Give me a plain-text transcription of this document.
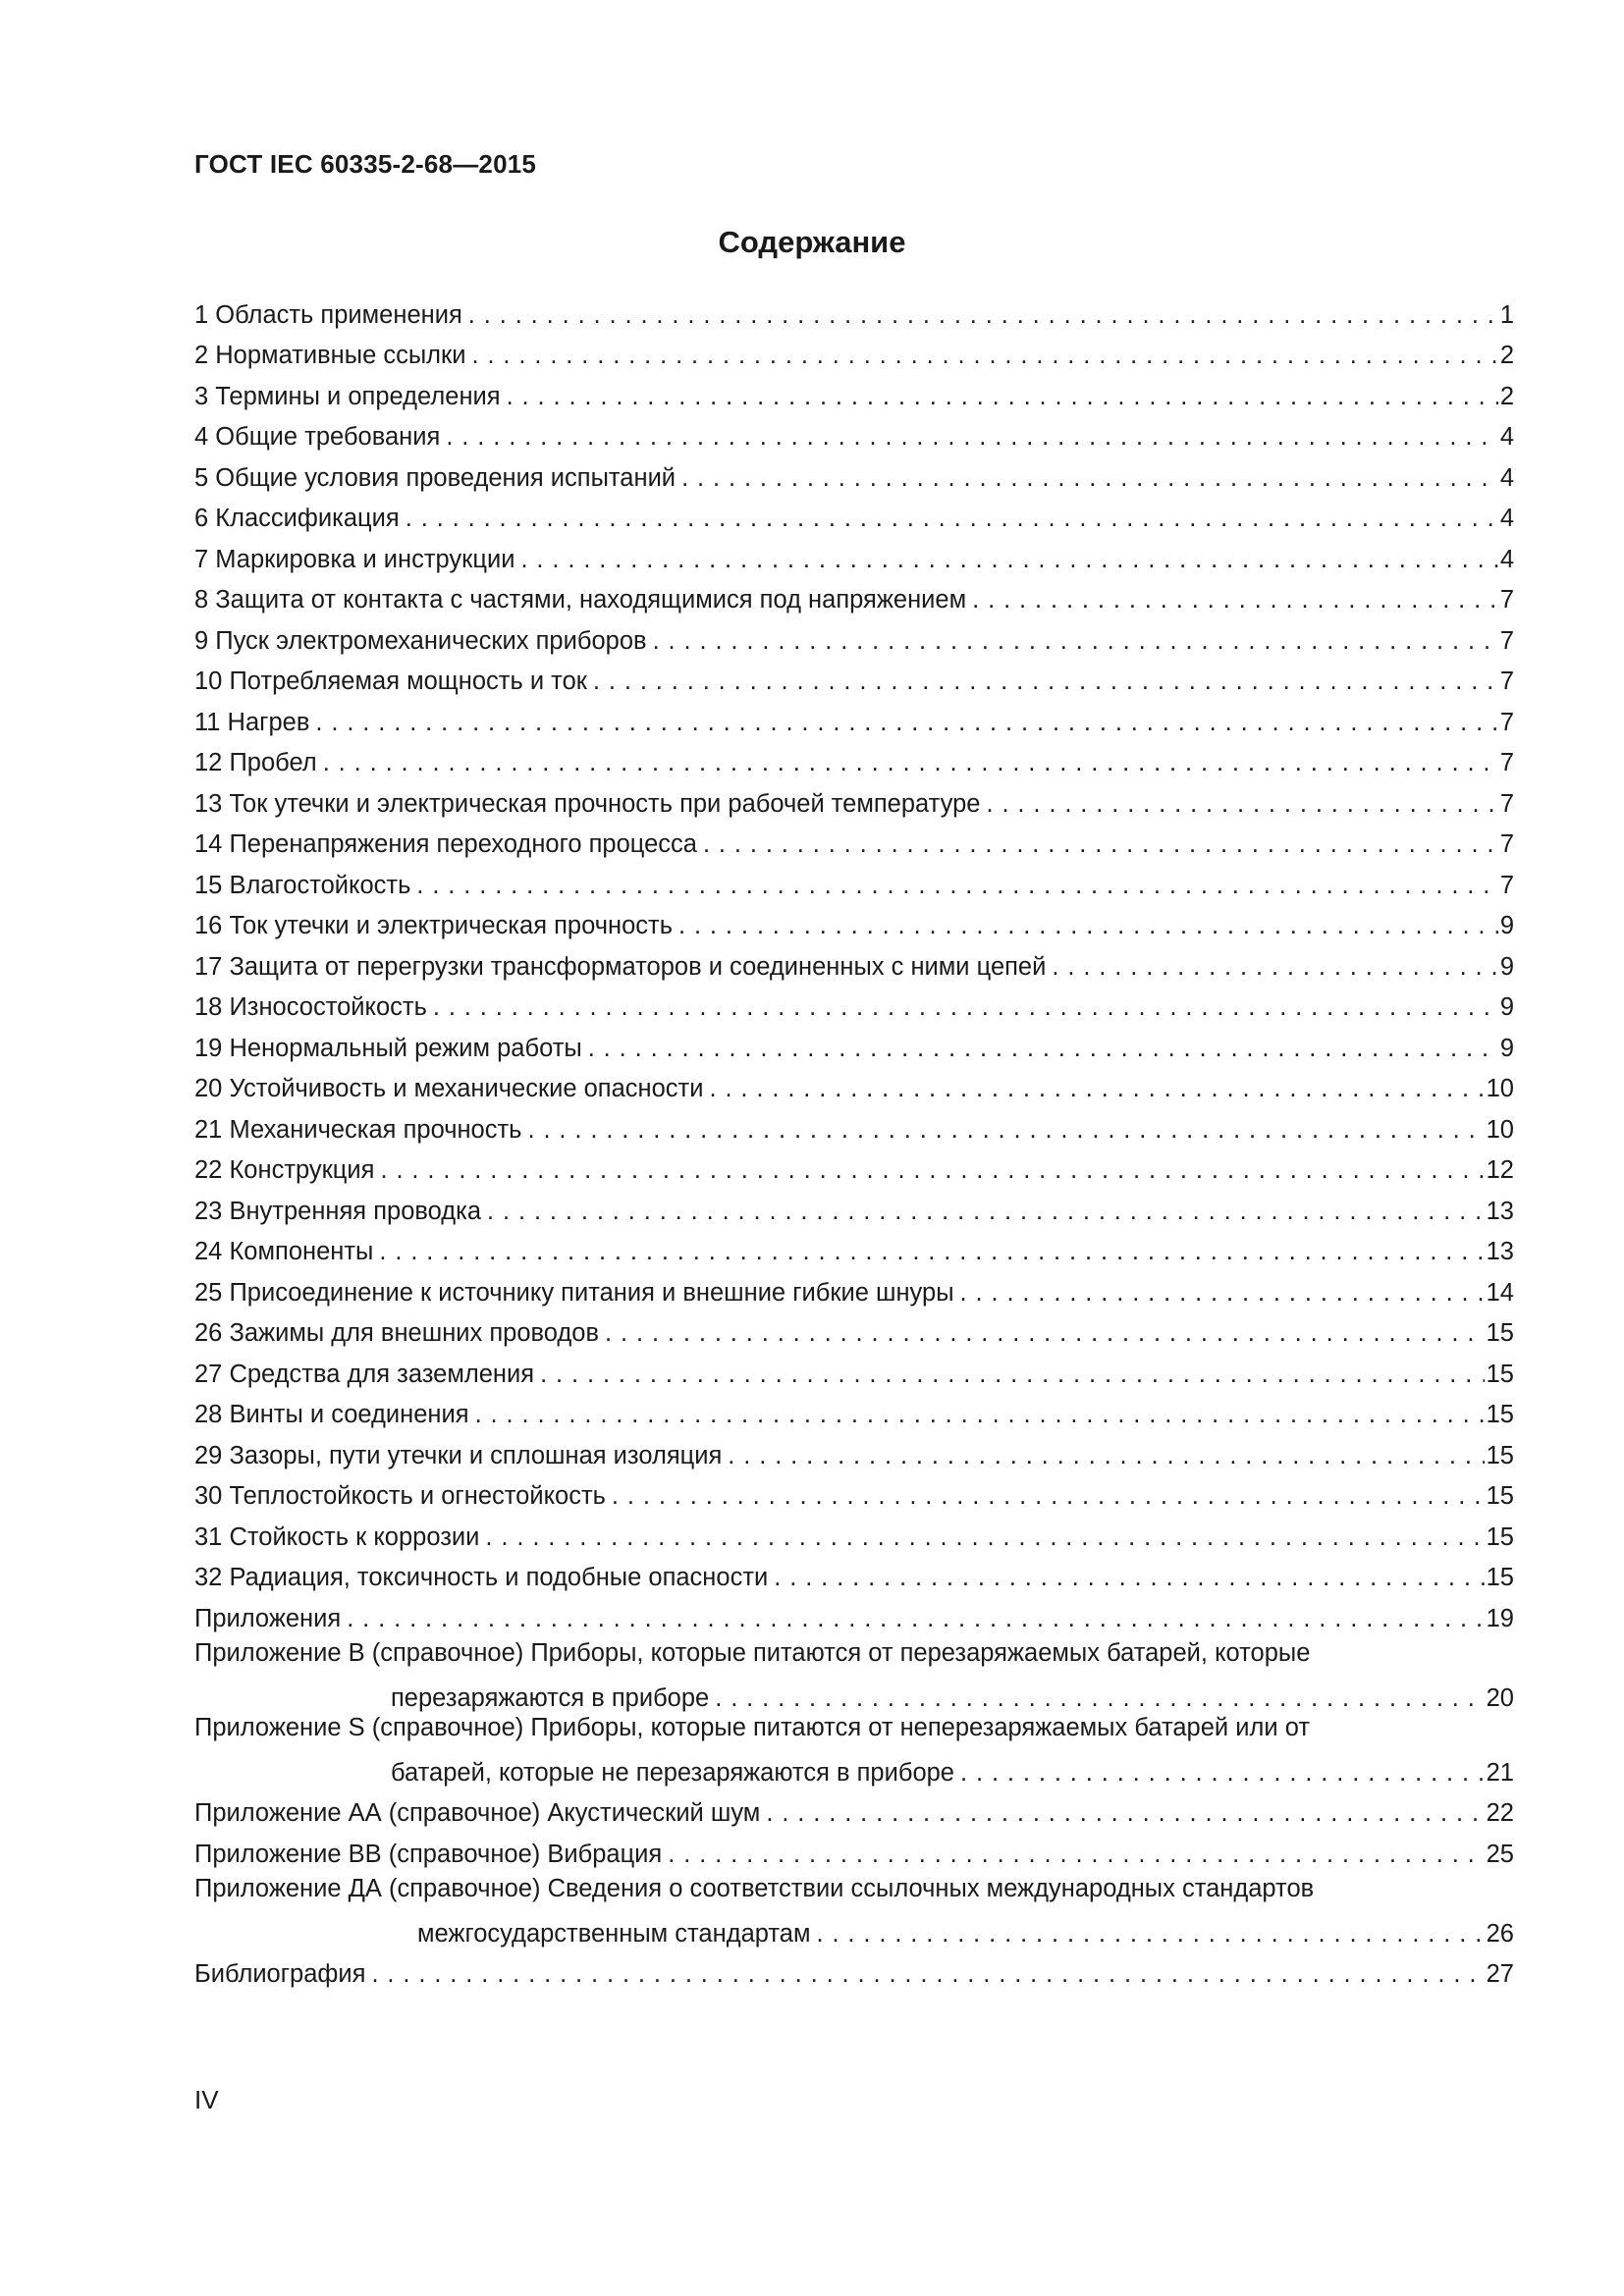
ГОСТ IEC 60335-2-68—2015
Содержание
1 Область применения . . .	1
2 Нормативные ссылки . . .	2
3 Термины и определения . . .	2
4 Общие требования . . .	4
5 Общие условия проведения испытаний . . .	4
6 Классификация . . .	4
7 Маркировка и инструкции . . .	4
8 Защита от контакта с частями, находящимися под напряжением . . .	7
9 Пуск электромеханических приборов . . .	7
10 Потребляемая мощность и ток . . .	7
11 Нагрев . . .	7
12 Пробел . . .	7
13 Ток утечки и электрическая прочность при рабочей температуре . . .	7
14 Перенапряжения переходного процесса . . .	7
15 Влагостойкость . . .	7
16 Ток утечки и электрическая прочность . . .	9
17 Защита от перегрузки трансформаторов и соединенных с ними цепей . . .	9
18 Износостойкость . . .	9
19 Ненормальный режим работы . . .	9
20 Устойчивость и механические опасности . . .	10
21 Механическая прочность . . .	10
22 Конструкция . . .	12
23 Внутренняя проводка . . .	13
24 Компоненты . . .	13
25 Присоединение к источнику питания и внешние гибкие шнуры . . .	14
26 Зажимы для внешних проводов . . .	15
27 Средства для заземления . . .	15
28 Винты и соединения . . .	15
29 Зазоры, пути утечки и сплошная изоляция . . .	15
30 Теплостойкость и огнестойкость . . .	15
31 Стойкость к коррозии . . .	15
32 Радиация, токсичность и подобные опасности . . .	15
Приложения . . .	19
Приложение В (справочное) Приборы, которые питаются от перезаряжаемых батарей, которые
перезаряжаются в приборе . . .	20
Приложение S (справочное) Приборы, которые питаются от неперезаряжаемых батарей или от
батарей, которые не перезаряжаются в приборе . . .	21
Приложение АА (справочное) Акустический шум . . .	22
Приложение ВВ (справочное) Вибрация . . .	25
Приложение ДА (справочное) Сведения о соответствии ссылочных международных стандартов
межгосударственным стандартам . . .	26
Библиография . . .	27
IV
